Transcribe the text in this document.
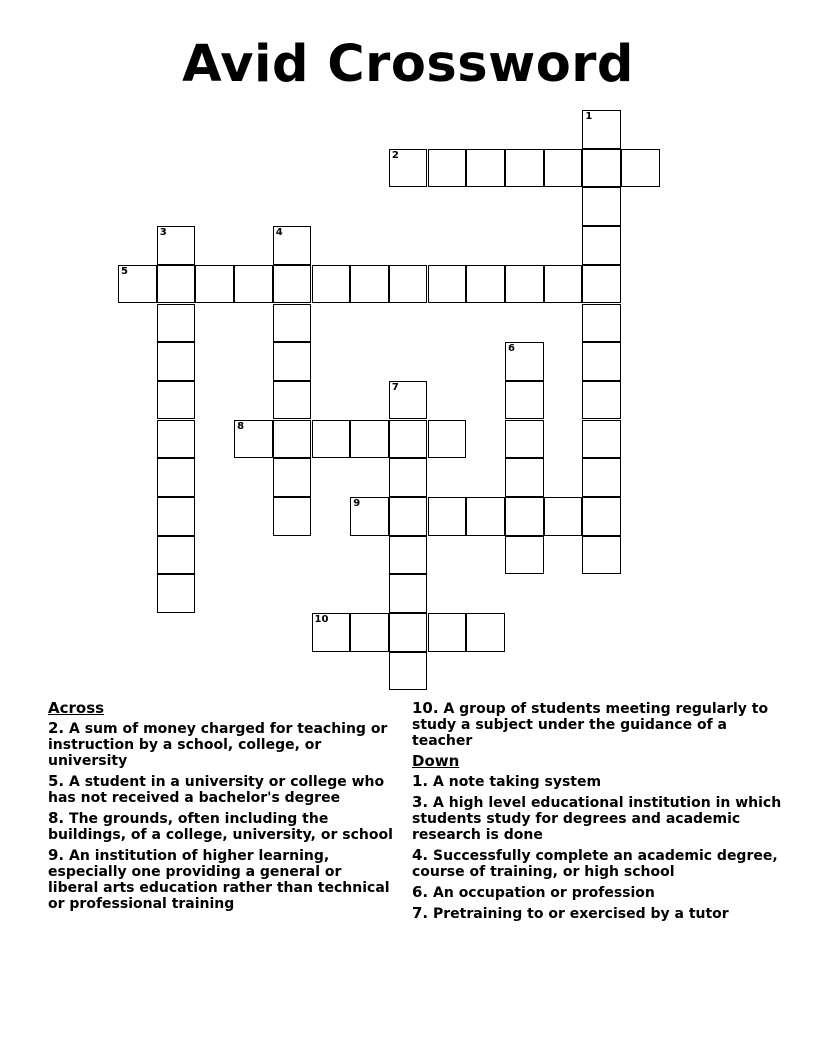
Avid Crossword
1
2
3	4
5
6
7
8
9
10
Across
2. A sum of money charged for teaching or instruction by a school, college, or university
5. A student in a university or college who has not received a bachelor's degree
8. The grounds, often including the buildings, of a college, university, or school
9. An institution of higher learning, especially one providing a general or liberal arts education rather than technical or professional training
10. A group of students meeting regularly to study a subject under the guidance of a teacher
Down
1. A note taking system
3. A high level educational institution in which students study for degrees and academic research is done
4. Successfully complete an academic degree, course of training, or high school
6. An occupation or profession
7. Pretraining to or exercised by a tutor
